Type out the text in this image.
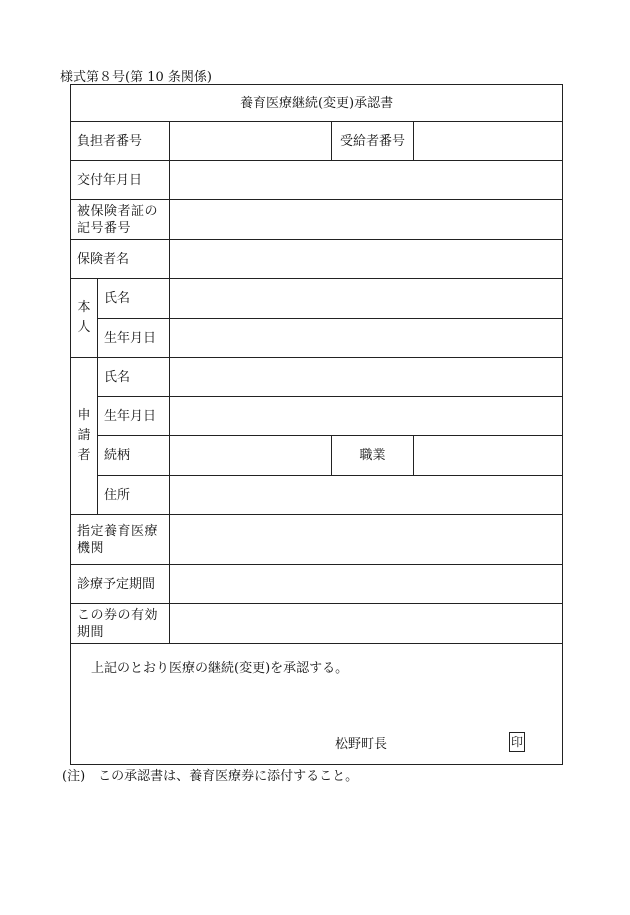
様式第８号(第 10 条関係)
養育医療継続(変更)承認書				
負担者番号			受給者番号	
交付年月日				
被保険者証の記号番号				
保険者名				
本人	氏名			
	生年月日			
申請者	氏名			
	生年月日			
	続柄		職業	
	住所			
指定養育医療機関				
診療予定期間				
この券の有効期間				

上記のとおり医療の継続(変更)を承認する。
松野町長 印				
(注)　この承認書は、養育医療券に添付すること。
